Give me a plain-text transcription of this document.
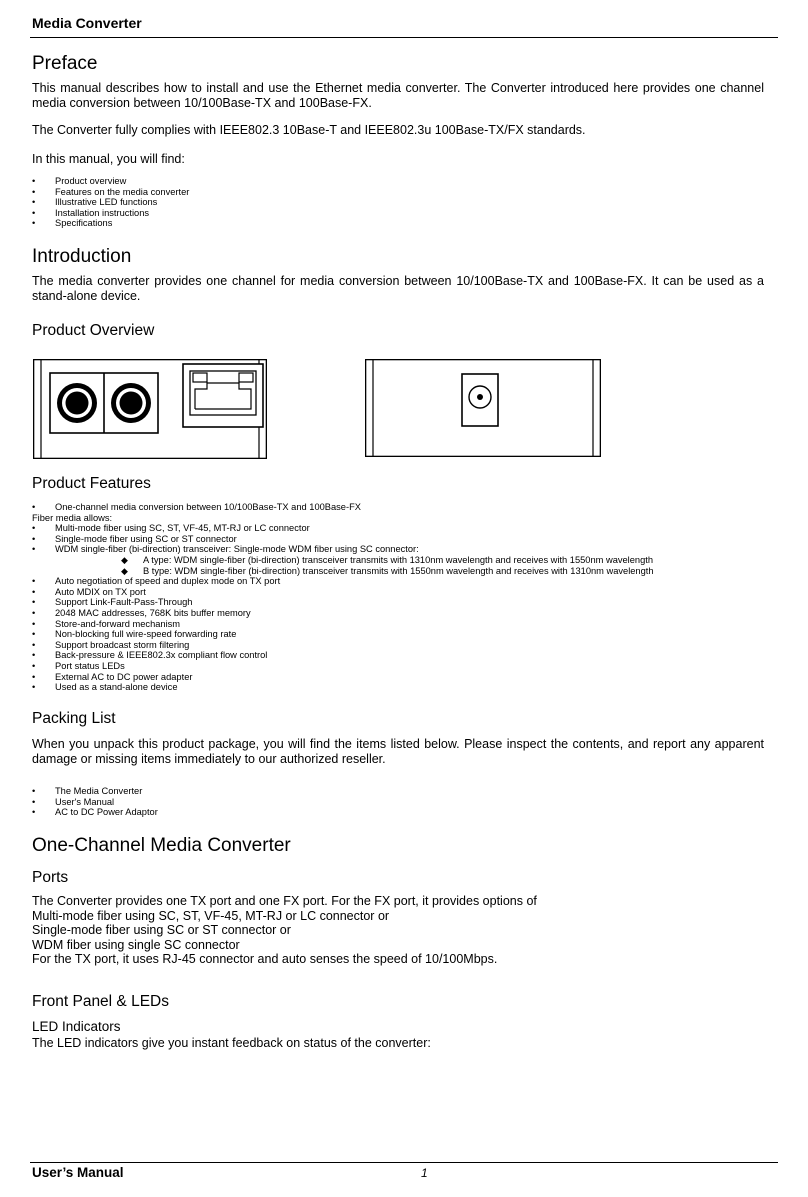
Media Converter
Preface
This manual describes how to install and use the Ethernet media converter. The Converter introduced here provides one channel media conversion between 10/100Base-TX and 100Base-FX.
The Converter fully complies with IEEE802.3 10Base-T and IEEE802.3u 100Base-TX/FX standards.
In this manual, you will find:
• Product overview
• Features on the media converter
• Illustrative LED functions
• Installation instructions
• Specifications
Introduction
The media converter provides one channel for media conversion between 10/100Base-TX and 100Base-FX. It can be used as a stand-alone device.
Product Overview
Product Features
• One-channel media conversion between 10/100Base-TX and 100Base-FX
Fiber media allows:
• Multi-mode fiber using SC, ST, VF-45, MT-RJ or LC connector
• Single-mode fiber using SC or ST connector
• WDM single-fiber (bi-direction) transceiver: Single-mode WDM fiber using SC connector:
◆ A type: WDM single-fiber (bi-direction) transceiver transmits with 1310nm wavelength and receives with 1550nm wavelength
◆ B type: WDM single-fiber (bi-direction) transceiver transmits with 1550nm wavelength and receives with 1310nm wavelength
• Auto negotiation of speed and duplex mode on TX port
• Auto MDIX on TX port
• Support Link-Fault-Pass-Through
• 2048 MAC addresses, 768K bits buffer memory
• Store-and-forward mechanism
• Non-blocking full wire-speed forwarding rate
• Support broadcast storm filtering
• Back-pressure & IEEE802.3x compliant flow control
• Port status LEDs
• External AC to DC power adapter
• Used as a stand-alone device
Packing List
When you unpack this product package, you will find the items listed below. Please inspect the contents, and report any apparent damage or missing items immediately to our authorized reseller.
• The Media Converter
• User's Manual
• AC to DC Power Adaptor
One-Channel Media Converter
Ports
The Converter provides one TX port and one FX port. For the FX port, it provides options of
Multi-mode fiber using SC, ST, VF-45, MT-RJ or LC connector or
Single-mode fiber using SC or ST connector or
WDM fiber using single SC connector
For the TX port, it uses RJ-45 connector and auto senses the speed of 10/100Mbps.
Front Panel & LEDs
LED Indicators
The LED indicators give you instant feedback on status of the converter:
User’s Manual	1
